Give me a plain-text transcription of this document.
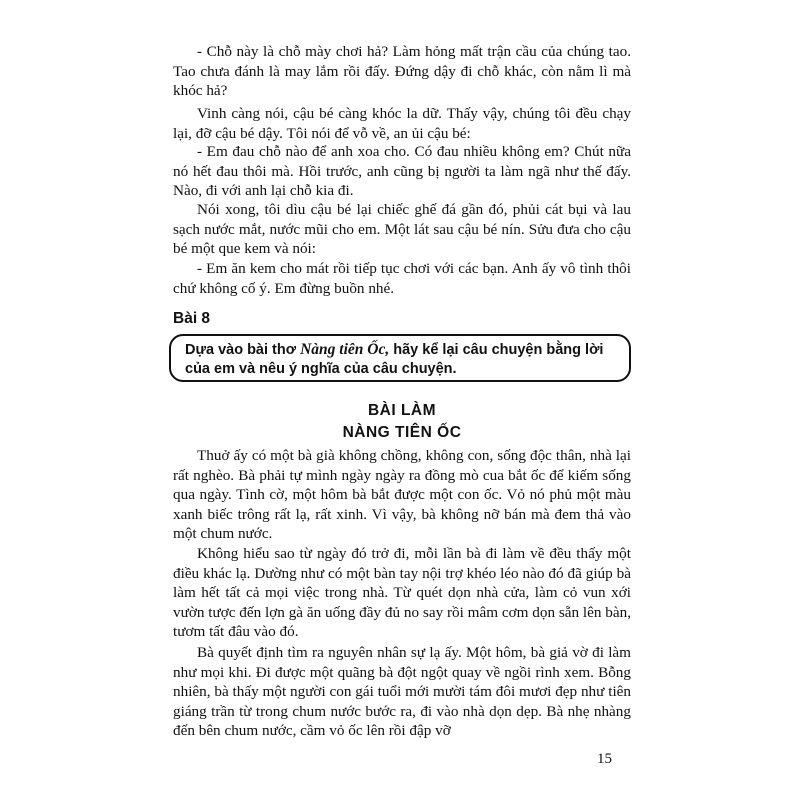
- Chỗ này là chỗ mày chơi hả? Làm hỏng mất trận cầu của chúng tao. Tao chưa đánh là may lắm rồi đấy. Đứng dậy đi chỗ khác, còn nằm lì mà khóc hả?

Vinh càng nói, cậu bé càng khóc la dữ. Thấy vậy, chúng tôi đều chạy lại, đỡ cậu bé dậy. Tôi nói để vỗ về, an ủi cậu bé:

- Em đau chỗ nào để anh xoa cho. Có đau nhiều không em? Chút nữa nó hết đau thôi mà. Hồi trước, anh cũng bị người ta làm ngã như thế đấy. Nào, đi với anh lại chỗ kia đi.

Nói xong, tôi dìu cậu bé lại chiếc ghế đá gần đó, phủi cát bụi và lau sạch nước mắt, nước mũi cho em. Một lát sau cậu bé nín. Sửu đưa cho cậu bé một que kem và nói:

- Em ăn kem cho mát rồi tiếp tục chơi với các bạn. Anh ấy vô tình thôi chứ không cố ý. Em đừng buồn nhé.

Bài 8

Dựa vào bài thơ Nàng tiên Ốc, hãy kể lại câu chuyện bằng lời của em và nêu ý nghĩa của câu chuyện.

BÀI LÀM

NÀNG TIÊN ỐC

Thuở ấy có một bà già không chồng, không con, sống độc thân, nhà lại rất nghèo. Bà phải tự mình ngày ngày ra đồng mò cua bắt ốc để kiếm sống qua ngày. Tình cờ, một hôm bà bắt được một con ốc. Vỏ nó phủ một màu xanh biếc trông rất lạ, rất xinh. Vì vậy, bà không nỡ bán mà đem thả vào một chum nước.

Không hiểu sao từ ngày đó trở đi, mỗi lần bà đi làm về đều thấy một điều khác lạ. Dường như có một bàn tay nội trợ khéo léo nào đó đã giúp bà làm hết tất cả mọi việc trong nhà. Từ quét dọn nhà cửa, làm cỏ vun xới vườn tược đến lợn gà ăn uống đầy đủ no say rồi mâm cơm dọn sẵn lên bàn, tươm tất đâu vào đó.

Bà quyết định tìm ra nguyên nhân sự lạ ấy. Một hôm, bà giả vờ đi làm như mọi khi. Đi được một quãng bà đột ngột quay về ngồi rình xem. Bỗng nhiên, bà thấy một người con gái tuổi mới mười tám đôi mươi đẹp như tiên giáng trần từ trong chum nước bước ra, đi vào nhà dọn dẹp. Bà nhẹ nhàng đến bên chum nước, cầm vỏ ốc lên rồi đập vỡ

15
